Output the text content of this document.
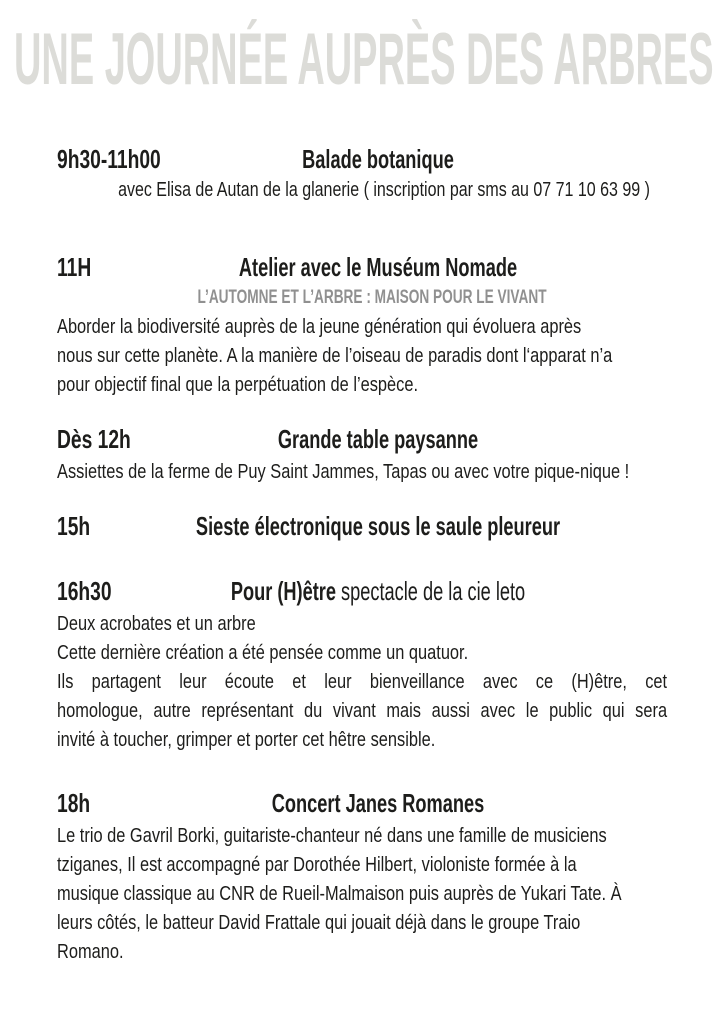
UNE JOURNÉE AUPRÈS DES ARBRES
9h30-11h00	Balade botanique
avec Elisa de Autan de la glanerie ( inscription par sms au 07 71 10 63 99 )
11H	Atelier avec le Muséum Nomade
L’AUTOMNE ET L’ARBRE : MAISON POUR LE VIVANT
Aborder la biodiversité auprès de la jeune génération qui évoluera après
nous sur cette planète. A la manière de l’oiseau de paradis dont l‘apparat n’a
pour objectif final que la perpétuation de l’espèce.
Dès 12h	Grande table paysanne
Assiettes de la ferme de Puy Saint Jammes, Tapas ou avec votre pique-nique !
15h	Sieste électronique sous le saule pleureur
16h30	Pour (H)être spectacle de la cie leto
Deux acrobates et un arbre
Cette dernière création a été pensée comme un quatuor.
Ils partagent leur écoute et leur bienveillance avec ce (H)être, cet
homologue, autre représentant du vivant mais aussi avec le public qui sera
invité à toucher, grimper et porter cet hêtre sensible.
18h	Concert Janes Romanes
Le trio de Gavril Borki, guitariste-chanteur né dans une famille de musiciens
tziganes, Il est accompagné par Dorothée Hilbert, violoniste formée à la
musique classique au CNR de Rueil-Malmaison puis auprès de Yukari Tate. À
leurs côtés, le batteur David Frattale qui jouait déjà dans le groupe Traio
Romano.
